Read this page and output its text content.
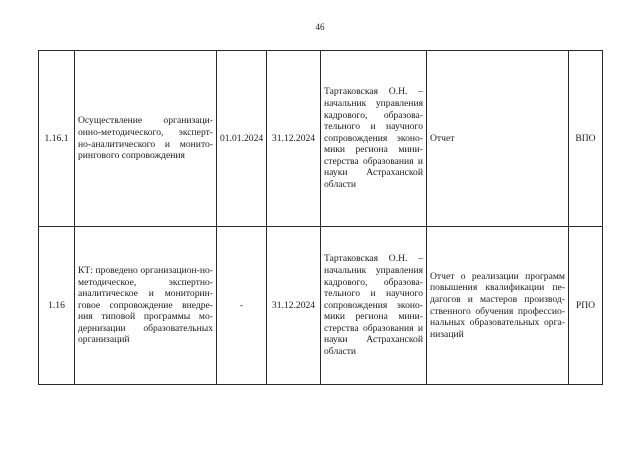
46
1.16.1	Осуществление организаци-онно-методического, эксперт-но-аналитического и монито-рингового сопровождения	01.01.2024	31.12.2024	Тартаковская О.Н. – начальник управления кадрового, образова-тельного и научного сопровождения эконо-мики региона мини-стерства образования и науки Астраханской области	Отчет	ВПО
1.16	КТ: проведено организацион-но-методическое, экспертно-аналитическое и мониторин-говое сопровождение внедре-ния типовой программы мо-дернизации образовательных организаций	-	31.12.2024	Тартаковская О.Н. – начальник управления кадрового, образова-тельного и научного сопровождения эконо-мики региона мини-стерства образования и науки Астраханской области	Отчет о реализации программ повышения квалификации пе-дагогов и мастеров производ-ственного обучения профессио-нальных образовательных орга-низаций	РПО
